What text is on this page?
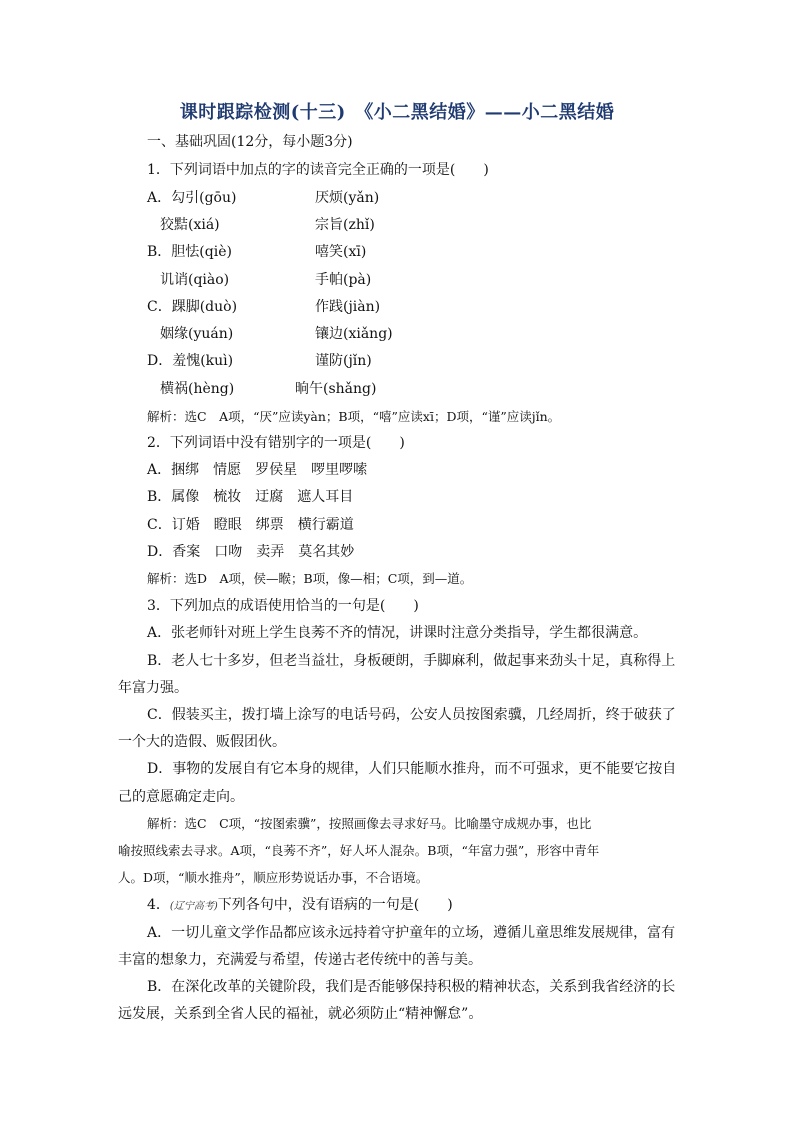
课时跟踪检测(十三)　《小二黑结婚》——小二黑结婚
一、基础巩固(12分，每小题3分)
1．下列词语中加点的字的读音完全正确的一项是(　　)
A．勾引(gōu)	厌烦(yǎn)
狡黠(xiá)	宗旨(zhǐ)
B．胆怯(qiè)	嘻笑(xī)
讥诮(qiào)	手帕(pà)
C．踝脚(duò)	作践(jiàn)
姻缘(yuán)	镶边(xiǎng)
D．羞愧(kuì)	谨防(jǐn)
横祸(hèng)	晌午(shǎng)
解析：选C　A项，“厌”应读yàn；B项，“嘻”应读xī；D项，“谨”应读jǐn。
2．下列词语中没有错别字的一项是(　　)
A．捆绑　情愿　罗侯星　啰里啰嗦
B．属像　梳妆　迂腐　遮人耳目
C．订婚　瞪眼　绑票　横行霸道
D．香案　口吻　卖弄　莫名其妙
解析：选D　A项，侯—睺；B项，像—相；C项，到—道。
3．下列加点的成语使用恰当的一句是(　　)
A．张老师针对班上学生良莠不齐的情况，讲课时注意分类指导，学生都很满意。
B．老人七十多岁，但老当益壮，身板硬朗，手脚麻利，做起事来劲头十足，真称得上
年富力强。
C．假装买主，拨打墙上涂写的电话号码，公安人员按图索骥，几经周折，终于破获了
一个大的造假、贩假团伙。
D．事物的发展自有它本身的规律，人们只能顺水推舟，而不可强求，更不能要它按自
己的意愿确定走向。
解析：选C　C项，“按图索骥”，按照画像去寻求好马。比喻墨守成规办事，也比
喻按照线索去寻求。A项，“良莠不齐”，好人坏人混杂。B项，“年富力强”，形容中青年
人。D项，“顺水推舟”，顺应形势说话办事，不合语境。
4．(辽宁高考)下列各句中，没有语病的一句是(　　)
A．一切儿童文学作品都应该永远持着守护童年的立场，遵循儿童思维发展规律，富有
丰富的想象力，充满爱与希望，传递古老传统中的善与美。
B．在深化改革的关键阶段，我们是否能够保持积极的精神状态，关系到我省经济的长
远发展，关系到全省人民的福祉，就必须防止“精神懈怠”。
